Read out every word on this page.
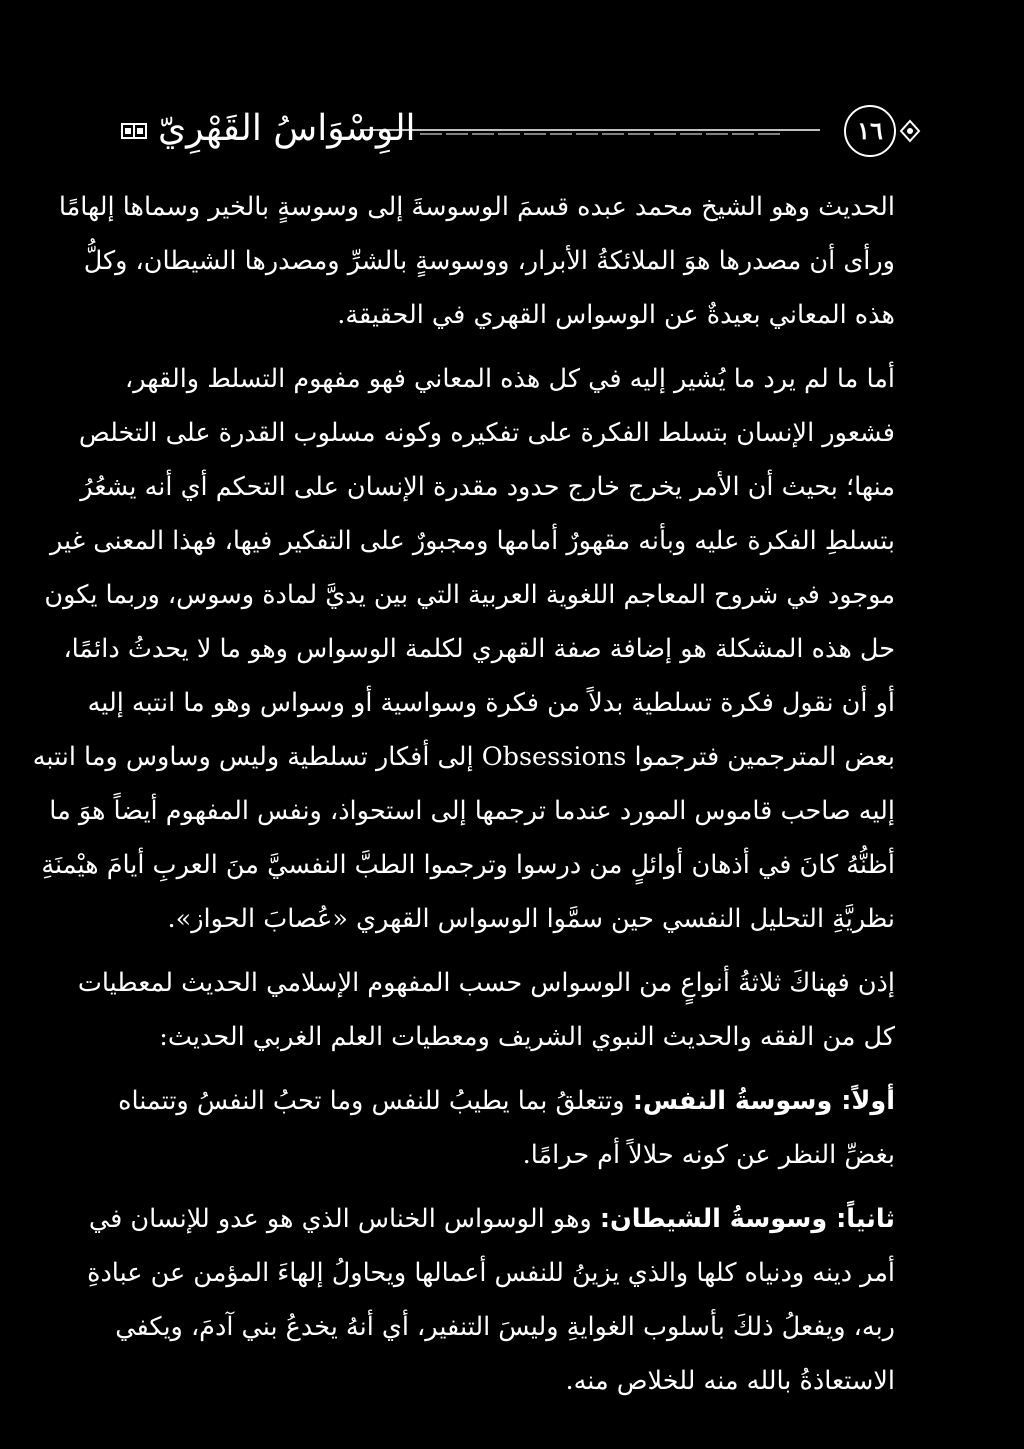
الوِسْوَاسُ القَهْرِيّ	١٦
الحديث وهو الشيخ محمد عبده قسمَ الوسوسةَ إلى وسوسةٍ بالخير وسماها إلهامًا
ورأى أن مصدرها هوَ الملائكةُ الأبرار، ووسوسةٍ بالشرِّ ومصدرها الشيطان، وكلُّ
هذه المعاني بعيدةٌ عن الوسواس القهري في الحقيقة.
أما ما لم يرد ما يُشير إليه في كل هذه المعاني فهو مفهوم التسلط والقهر،
فشعور الإنسان بتسلط الفكرة على تفكيره وكونه مسلوب القدرة على التخلص
منها؛ بحيث أن الأمر يخرج خارج حدود مقدرة الإنسان على التحكم أي أنه يشعُرُ
بتسلطِ الفكرة عليه وبأنه مقهورٌ أمامها ومجبورٌ على التفكير فيها، فهذا المعنى غير
موجود في شروح المعاجم اللغوية العربية التي بين يديَّ لمادة وسوس، وربما يكون
حل هذه المشكلة هو إضافة صفة القهري لكلمة الوسواس وهو ما لا يحدثُ دائمًا،
أو أن نقول فكرة تسلطية بدلاً من فكرة وسواسية أو وسواس وهو ما انتبه إليه
بعض المترجمين فترجموا Obsessions إلى أفكار تسلطية وليس وساوس وما انتبه
إليه صاحب قاموس المورد عندما ترجمها إلى استحواذ، ونفس المفهوم أيضاً هوَ ما
أظنُّهُ كانَ في أذهان أوائلٍ من درسوا وترجموا الطبَّ النفسيَّ منَ العربِ أيامَ هيْمنَةِ
نظريَّةِ التحليل النفسي حين سمَّوا الوسواس القهري «عُصابَ الحواز».
إذن فهناكَ ثلاثةُ أنواعٍ من الوسواس حسب المفهوم الإسلامي الحديث لمعطيات
كل من الفقه والحديث النبوي الشريف ومعطيات العلم الغربي الحديث:
أولاً: وسوسةُ النفس: وتتعلقُ بما يطيبُ للنفس وما تحبُ النفسُ وتتمناه
بغضِّ النظر عن كونه حلالاً أم حرامًا.
ثانياً: وسوسةُ الشيطان: وهو الوسواس الخناس الذي هو عدو للإنسان في
أمر دينه ودنياه كلها والذي يزينُ للنفس أعمالها ويحاولُ إلهاءَ المؤمن عن عبادةِ
ربه، ويفعلُ ذلكَ بأسلوب الغوايةِ وليسَ التنفير، أي أنهُ يخدعُ بني آدمَ، ويكفي
الاستعاذةُ بالله منه للخلاص منه.
